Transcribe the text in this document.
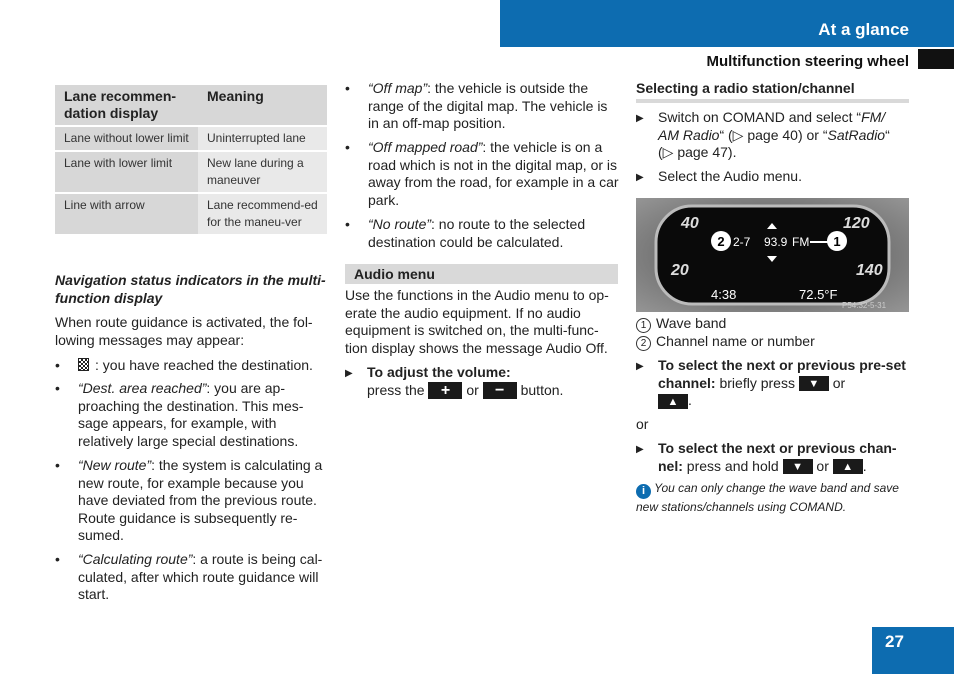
At a glance
Multifunction steering wheel
Lane recommen-
dation display	Meaning
Lane without lower limit	Uninterrupted lane
Lane with lower limit	New lane during a maneuver
Line with arrow	Lane recommend-ed for the maneu-ver
Navigation status indicators in the multi-function display
When route guidance is activated, the fol-lowing messages may appear:
•	: you have reached the destination.
• “Dest. area reached”: you are ap-proaching the destination. This mes-sage appears, for example, with relatively large special destinations.
• “New route”: the system is calculating a new route, for example because you have deviated from the previous route. Route guidance is subsequently re-sumed.
• “Calculating route”: a route is being cal-culated, after which route guidance will start.
• “Off map”: the vehicle is outside the range of the digital map. The vehicle is in an off-map position.
• “Off mapped road”: the vehicle is on a road which is not in the digital map, or is away from the road, for example in a car park.
• “No route”: no route to the selected destination could be calculated.
Audio menu
Use the functions in the Audio menu to op-erate the audio equipment. If no audio equipment is switched on, the multi-func-tion display shows the message Audio Off.
▶ To adjust the volume:
press the + or − button.
Selecting a radio station/channel
▶ Switch on COMAND and select “FM/ AM Radio“ (▷ page 40) or “SatRadio“ (▷ page 47).
▶ Select the Audio menu.
40
20
120
140
2 2-7 93.9 FM 1
4:38	72.5°F
P54.32-5-31
1 Wave band
2 Channel name or number
▶ To select the next or previous pre-set channel: briefly press ▼ or
▲ .
or
▶ To select the next or previous chan-nel: press and hold ▼ or ▲ .
i You can only change the wave band and save new stations/channels using COMAND.
27
